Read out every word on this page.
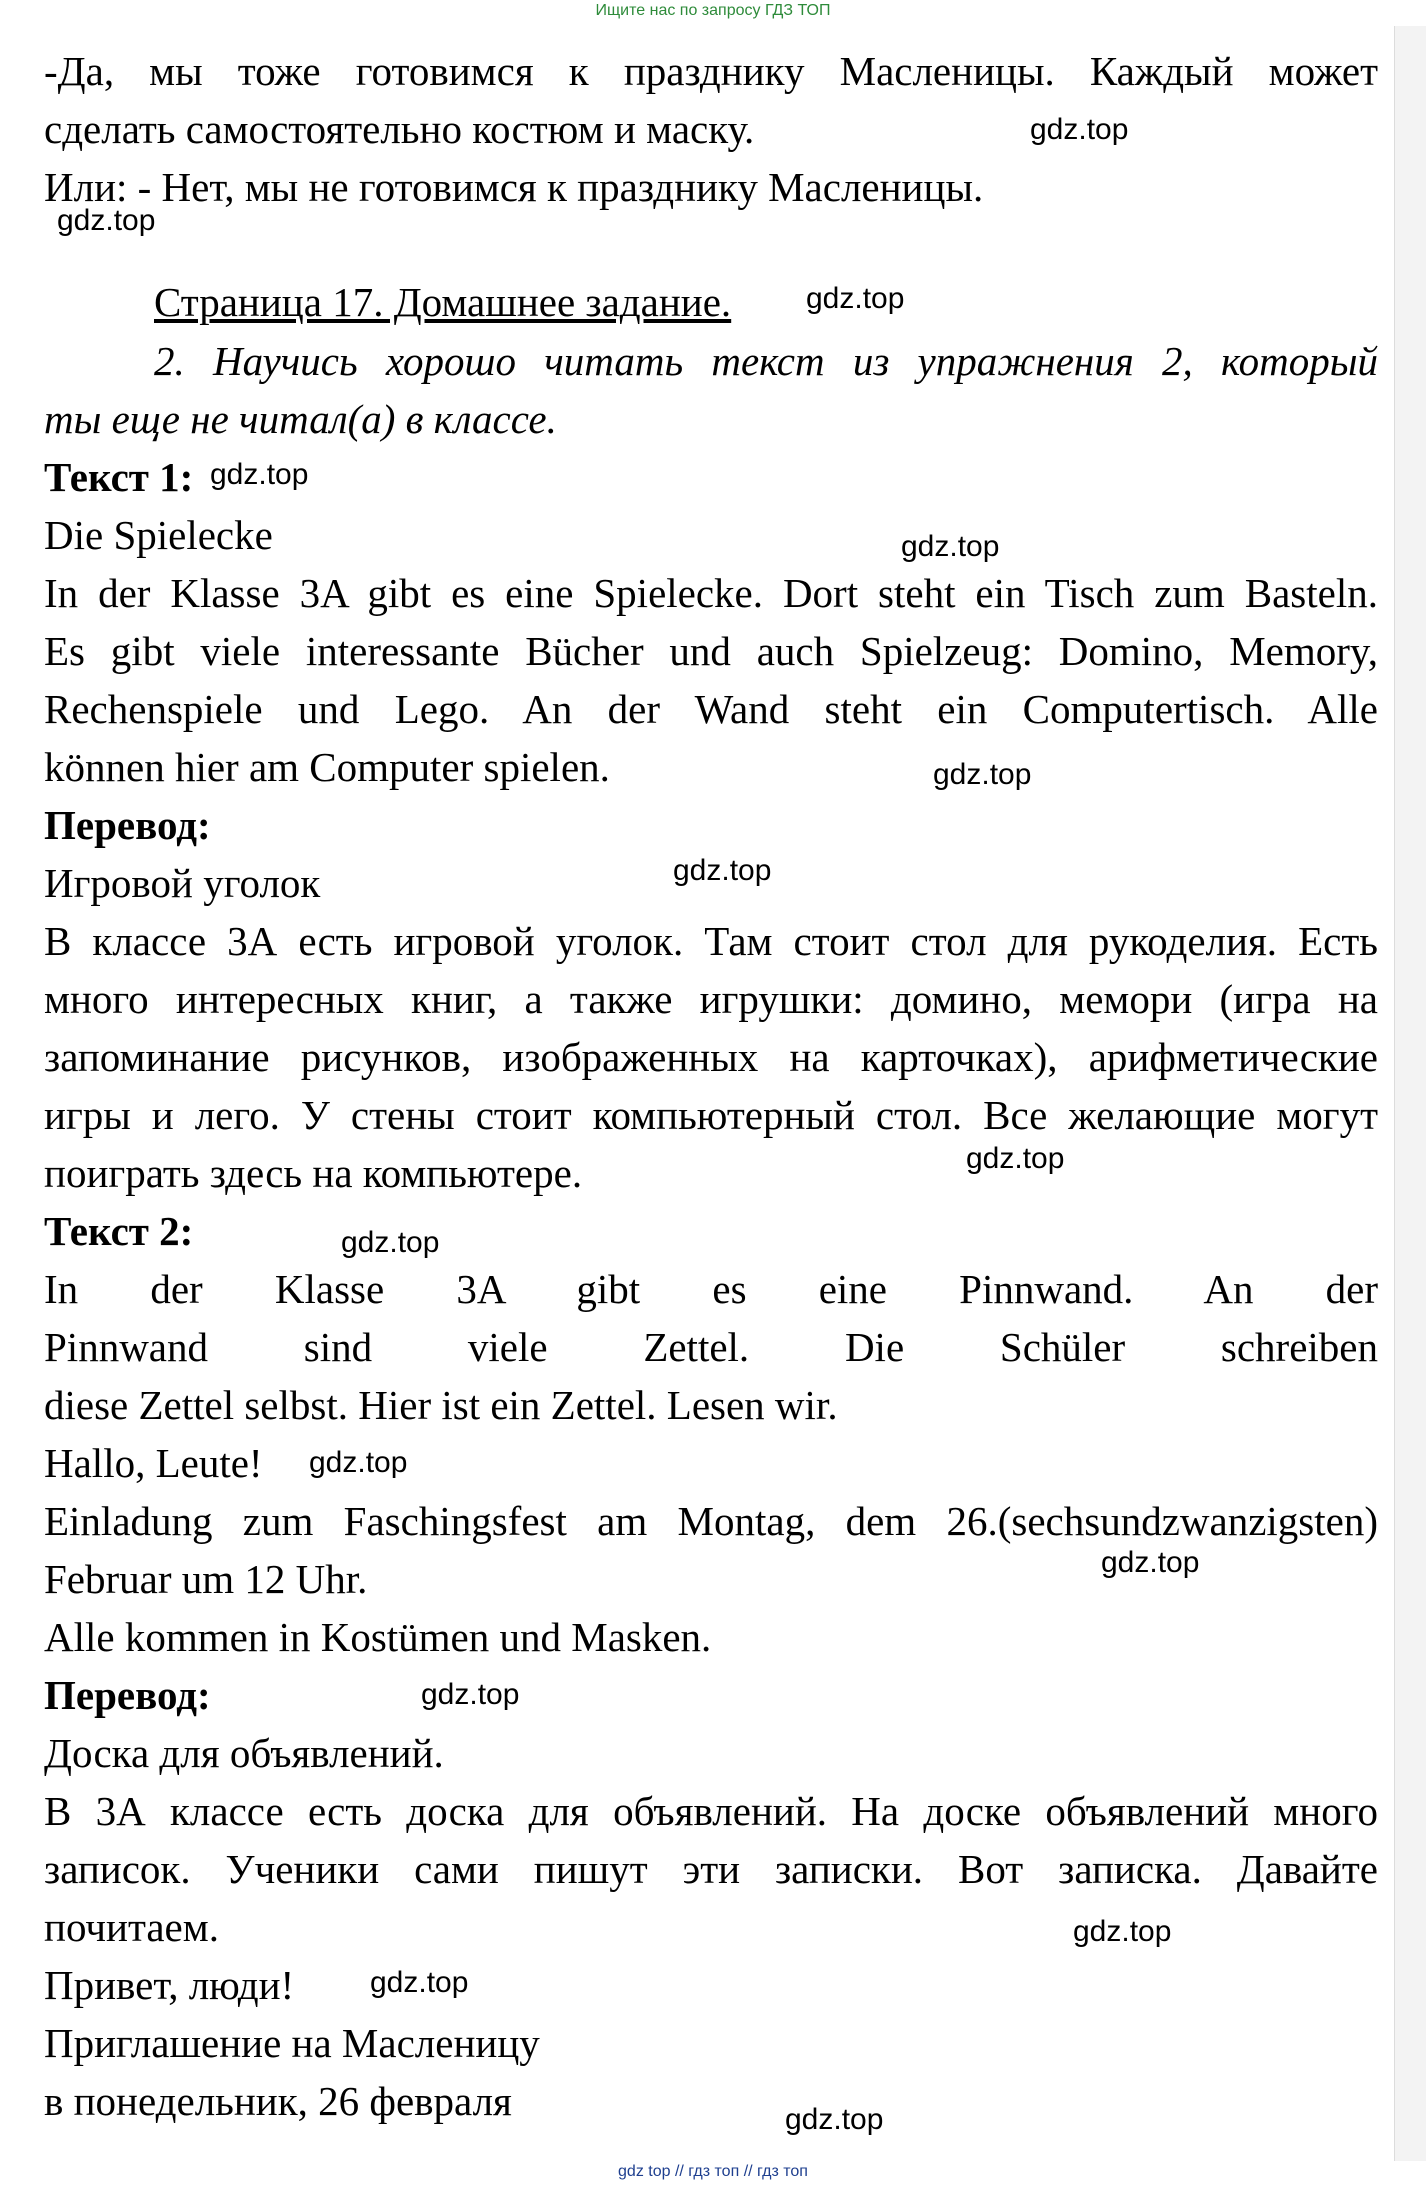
Ищите нас по запросу ГДЗ ТОП
-Да, мы тоже готовимся к празднику Масленицы. Каждый может
сделать самостоятельно костюм и маску.
Или: - Нет, мы не готовимся к празднику Масленицы.
Страница 17. Домашнее задание.
2. Научись хорошо читать текст из упражнения 2, который
ты еще не читал(а) в классе.
Текст 1:
Die Spielecke
In der Klasse 3A gibt es eine Spielecke. Dort steht ein Tisch zum Basteln.
Es gibt viele interessante Bücher und auch Spielzeug: Domino, Memory,
Rechenspiele und Lego. An der Wand steht ein Computertisch. Alle
können hier am Computer spielen.
Перевод:
Игровой уголок
В классе 3А есть игровой уголок. Там стоит стол для рукоделия. Есть
много интересных книг, а также игрушки: домино, мемори (игра на
запоминание рисунков, изображенных на карточках), арифметические
игры и лего. У стены стоит компьютерный стол. Все желающие могут
поиграть здесь на компьютере.
Текст 2:
In der Klasse 3A gibt es eine Pinnwand. An der
Pinnwand sind viele Zettel. Die Schüler schreiben
diese Zettel selbst. Hier ist ein Zettel. Lesen wir.
Hallo, Leute!
Einladung zum Faschingsfest am Montag, dem 26.(sechsundzwanzigsten)
Februar um 12 Uhr.
Alle kommen in Kostümen und Masken.
Перевод:
Доска для объявлений.
В 3А классе есть доска для объявлений. На доске объявлений много
записок. Ученики сами пишут эти записки. Вот записка. Давайте
почитаем.
Привет, люди!
Приглашение на Масленицу
в понедельник, 26 февраля
gdz.top
gdz.top
gdz.top
gdz.top
gdz.top
gdz.top
gdz.top
gdz.top
gdz.top
gdz.top
gdz.top
gdz.top
gdz.top
gdz.top
gdz.top
gdz top // гдз топ // гдз топ
